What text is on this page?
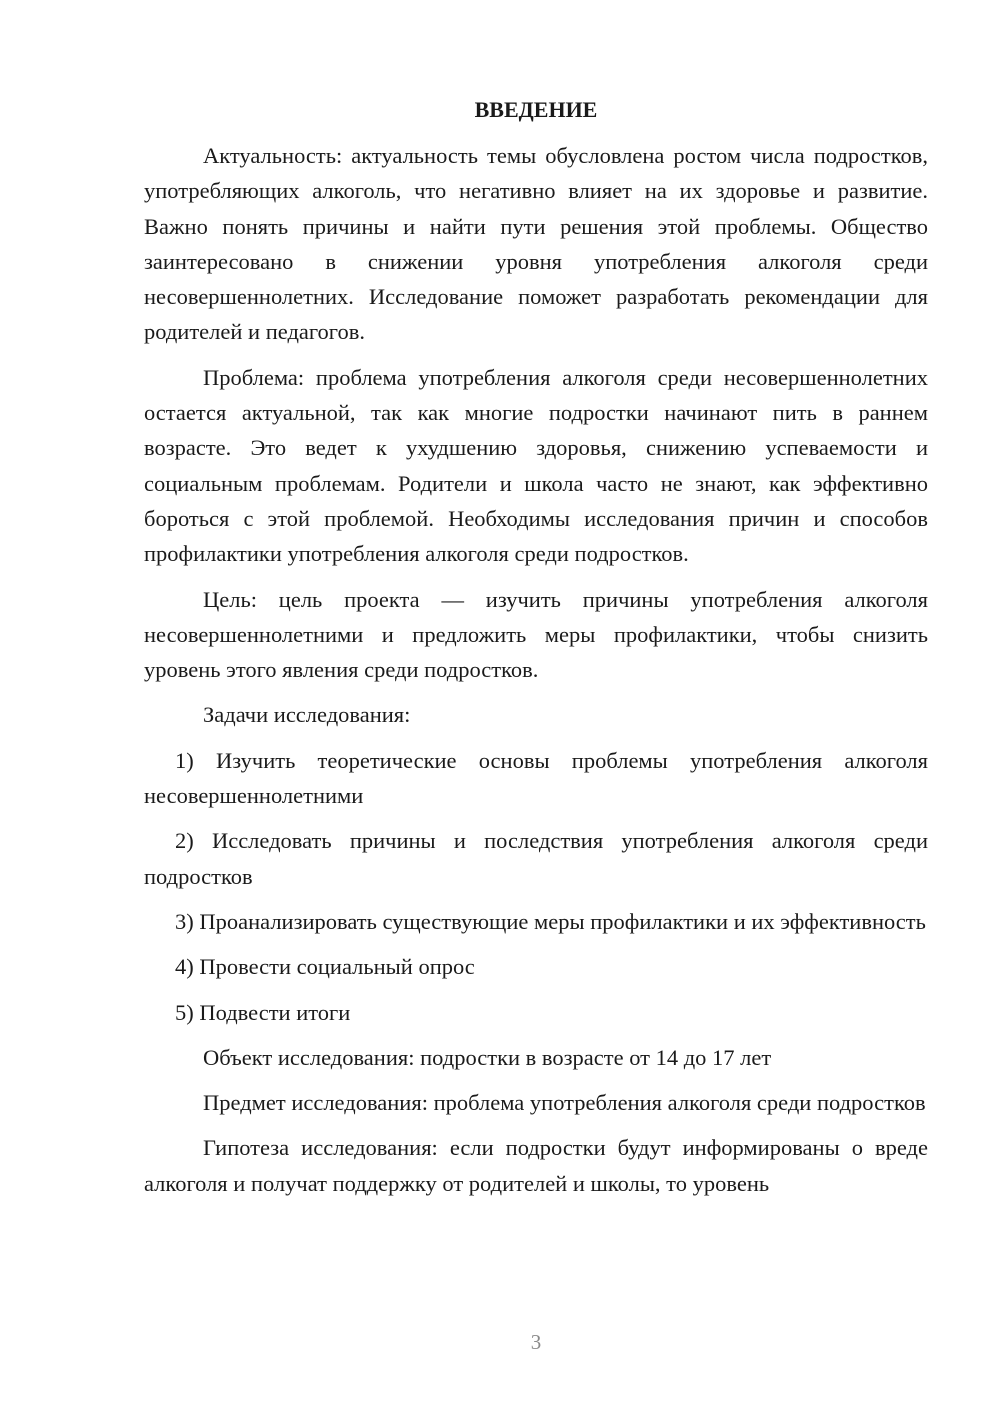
ВВЕДЕНИЕ

Актуальность: актуальность темы обусловлена ростом числа подростков, употребляющих алкоголь, что негативно влияет на их здоровье и развитие. Важно понять причины и найти пути решения этой проблемы. Общество заинтересовано в снижении уровня употребления алкоголя среди несовершеннолетних. Исследование поможет разработать рекомендации для родителей и педагогов.

Проблема: проблема употребления алкоголя среди несовершеннолетних остается актуальной, так как многие подростки начинают пить в раннем возрасте. Это ведет к ухудшению здоровья, снижению успеваемости и социальным проблемам. Родители и школа часто не знают, как эффективно бороться с этой проблемой. Необходимы исследования причин и способов профилактики употребления алкоголя среди подростков.

Цель: цель проекта — изучить причины употребления алкоголя несовершеннолетними и предложить меры профилактики, чтобы снизить уровень этого явления среди подростков.

Задачи исследования:

1) Изучить теоретические основы проблемы употребления алкоголя несовершеннолетними

2) Исследовать причины и последствия употребления алкоголя среди подростков

3) Проанализировать существующие меры профилактики и их эффективность

4) Провести социальный опрос

5) Подвести итоги

Объект исследования: подростки в возрасте от 14 до 17 лет

Предмет исследования: проблема употребления алкоголя среди подростков

Гипотеза исследования: если подростки будут информированы о вреде алкоголя и получат поддержку от родителей и школы, то уровень

3
